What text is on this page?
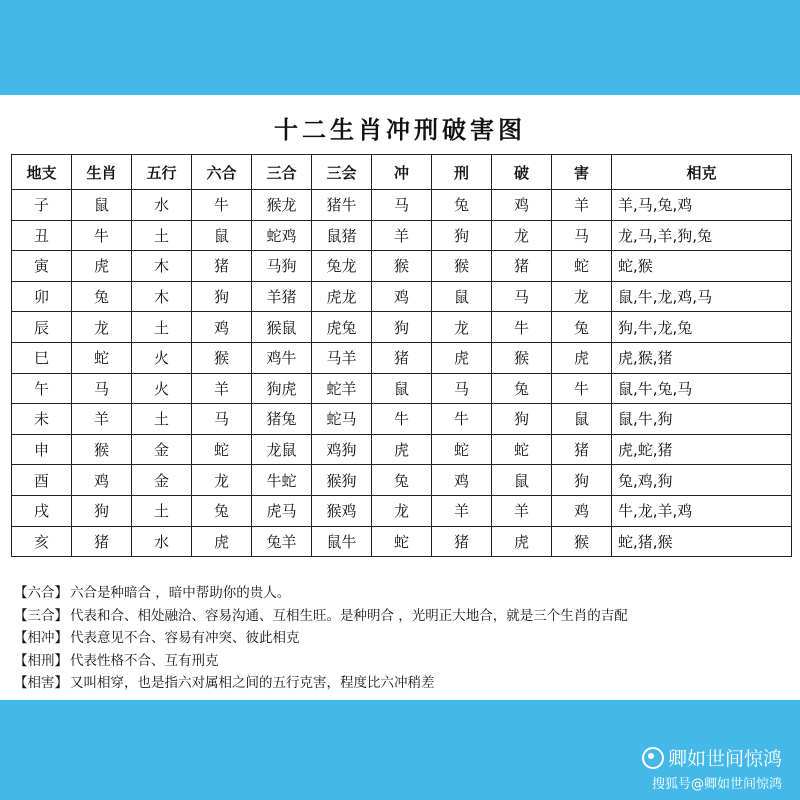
十二生肖冲刑破害图
地支	生肖	五行	六合	三合	三会	冲	刑	破	害	相克
子	鼠	水	牛	猴龙	猪牛	马	兔	鸡	羊	羊,马,兔,鸡
丑	牛	土	鼠	蛇鸡	鼠猪	羊	狗	龙	马	龙,马,羊,狗,兔
寅	虎	木	猪	马狗	兔龙	猴	猴	猪	蛇	蛇,猴
卯	兔	木	狗	羊猪	虎龙	鸡	鼠	马	龙	鼠,牛,龙,鸡,马
辰	龙	土	鸡	猴鼠	虎兔	狗	龙	牛	兔	狗,牛,龙,兔
巳	蛇	火	猴	鸡牛	马羊	猪	虎	猴	虎	虎,猴,猪
午	马	火	羊	狗虎	蛇羊	鼠	马	兔	牛	鼠,牛,兔,马
未	羊	土	马	猪兔	蛇马	牛	牛	狗	鼠	鼠,牛,狗
申	猴	金	蛇	龙鼠	鸡狗	虎	蛇	蛇	猪	虎,蛇,猪
酉	鸡	金	龙	牛蛇	猴狗	兔	鸡	鼠	狗	兔,鸡,狗
戌	狗	土	兔	虎马	猴鸡	龙	羊	羊	鸡	牛,龙,羊,鸡
亥	猪	水	虎	兔羊	鼠牛	蛇	猪	虎	猴	蛇,猪,猴
【六合】 六合是种暗合 ，暗中帮助你的贵人。
【三合】 代表和合、相处融洽、容易沟通、互相生旺。是种明合 ，光明正大地合，就是三个生肖的吉配
【相冲】 代表意见不合、容易有冲突、彼此相克
【相刑】 代表性格不合、互有刑克
【相害】 又叫相穿，也是指六对属相之间的五行克害，程度比六冲稍差
卿如世间惊鸿
搜狐号@卿如世间惊鸿
